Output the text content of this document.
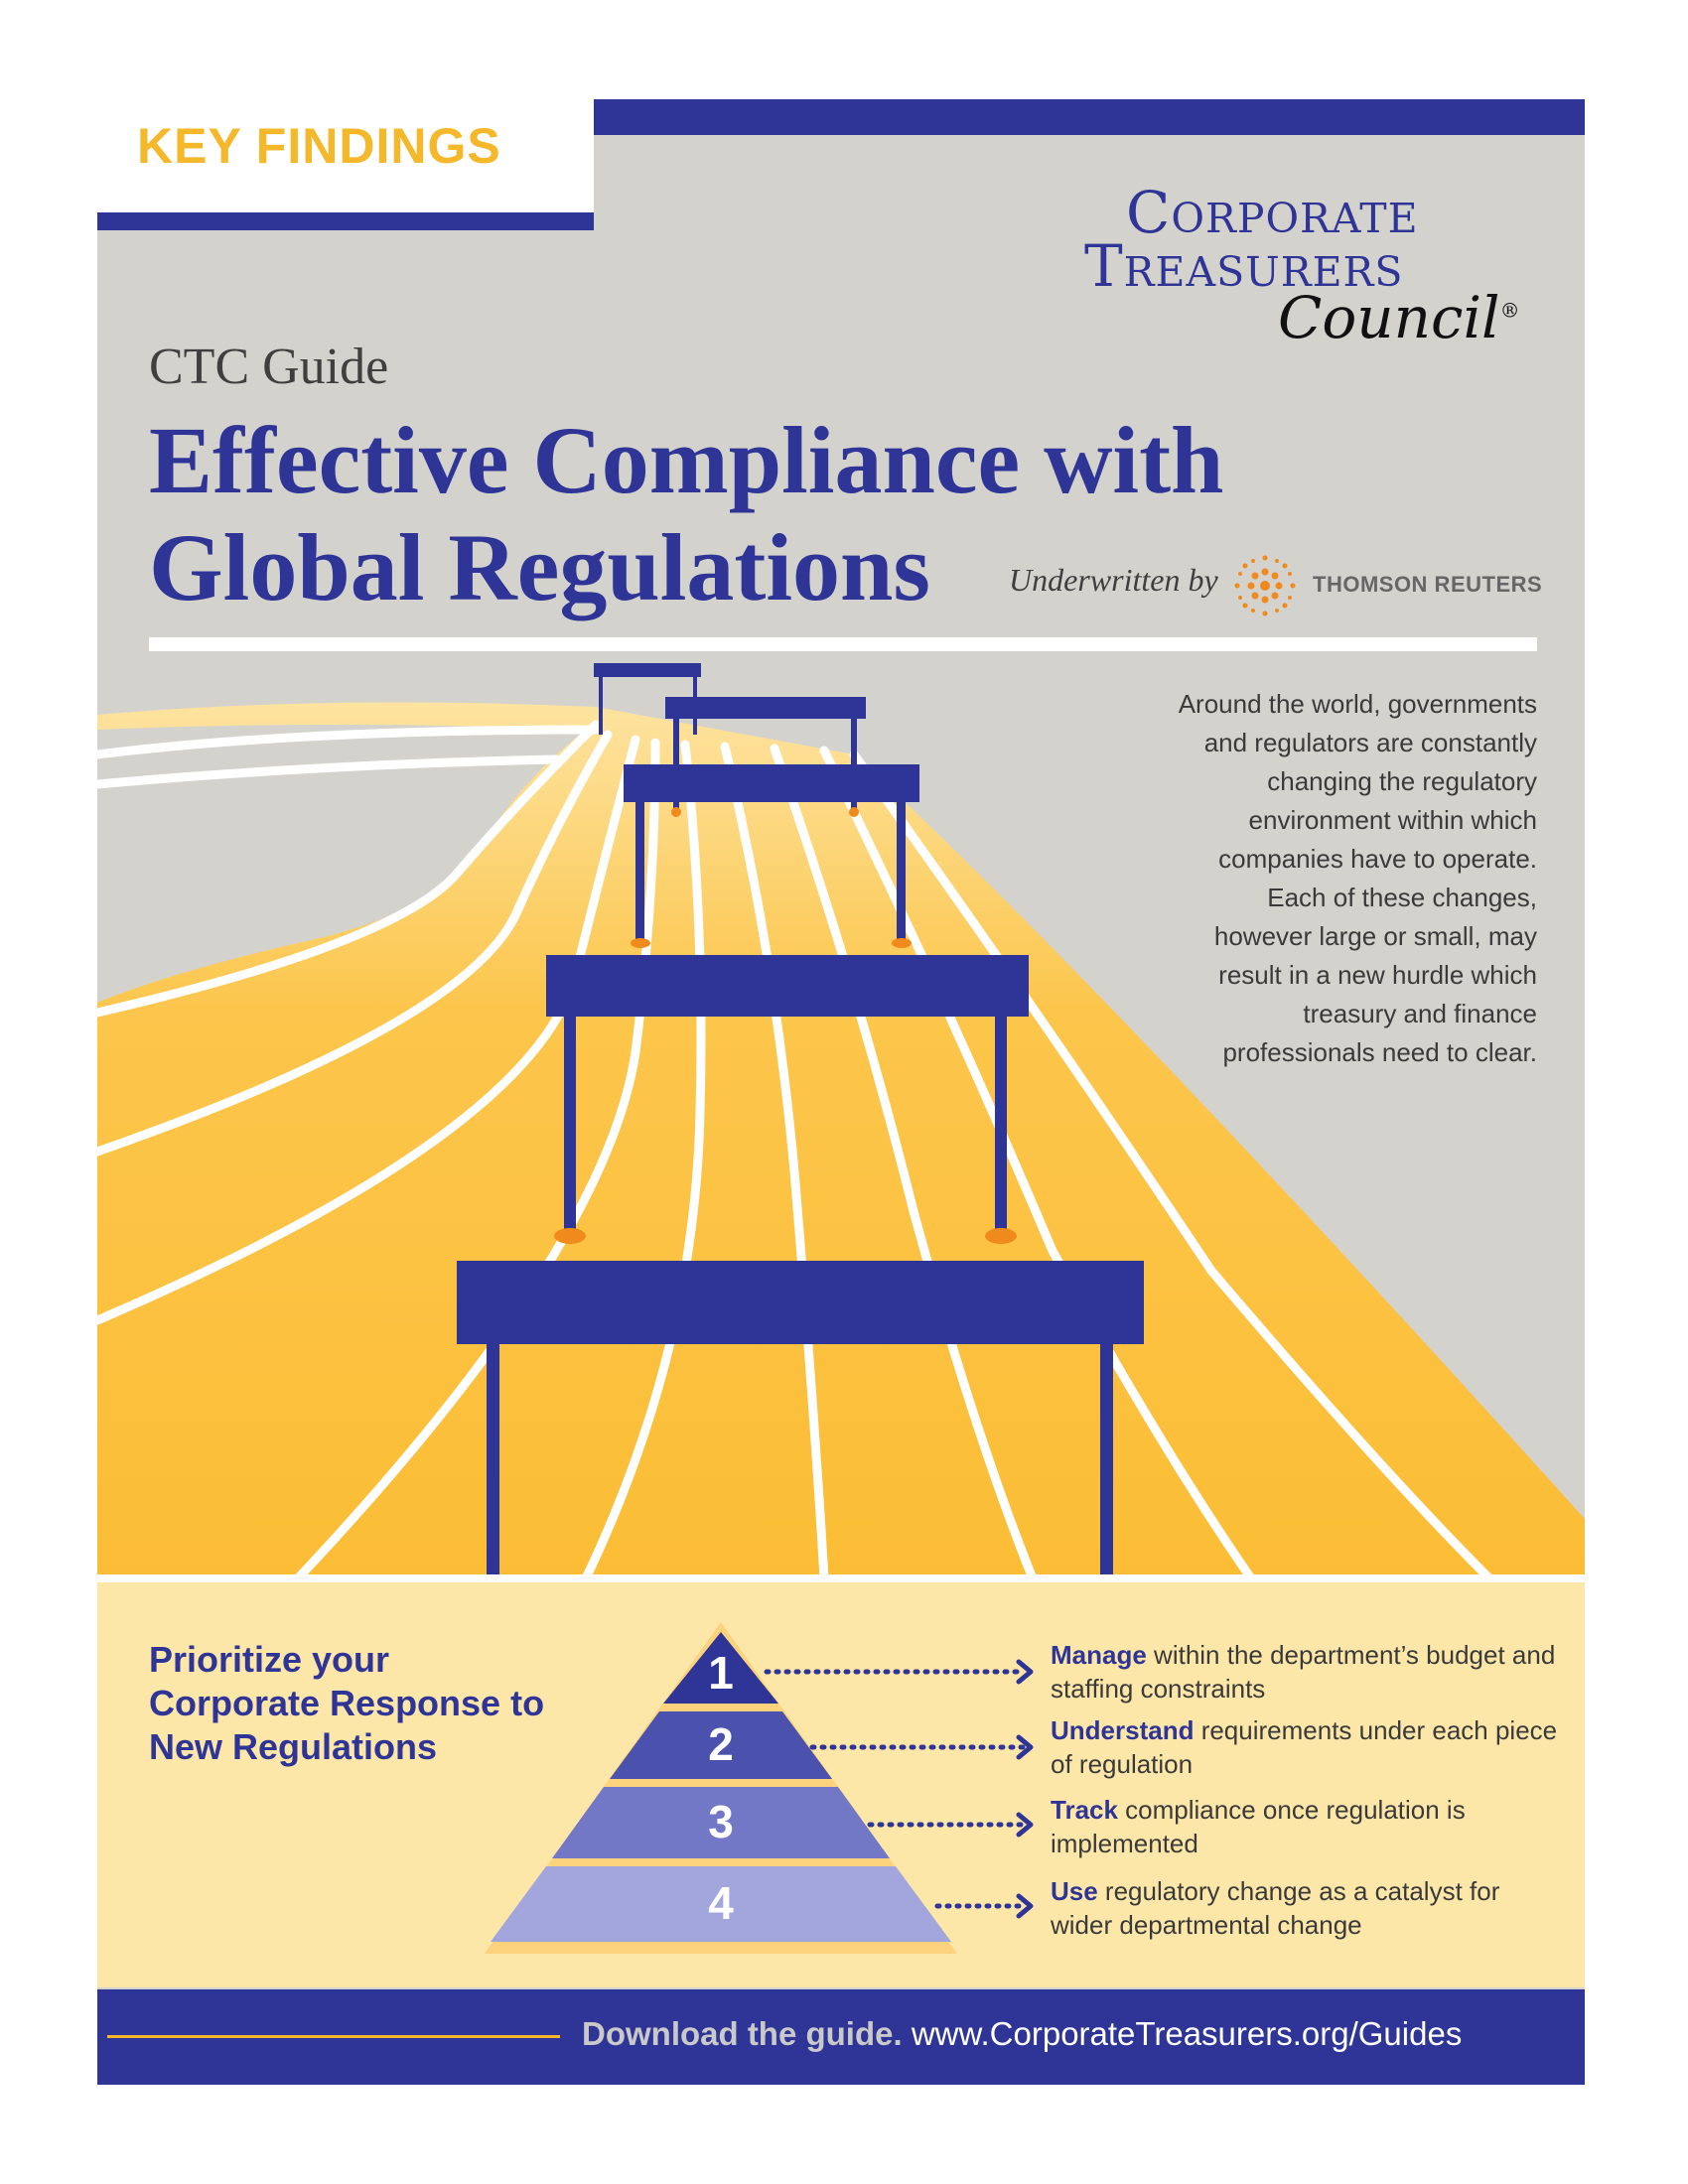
KEY FINDINGS
Corporate
Treasurers
Council®

CTC Guide

Effective Compliance with Global Regulations	Underwritten by	THOMSON REUTERS

Around the world, governments and regulators are constantly changing the regulatory environment within which companies have to operate. Each of these changes, however large or small, may result in a new hurdle which treasury and finance professionals need to clear.

Prioritize your Corporate Response to New Regulations
1
2
3
4
Manage within the department’s budget and staffing constraints
Understand requirements under each piece of regulation
Track compliance once regulation is implemented
Use regulatory change as a catalyst for wider departmental change
Download the guide. www.CorporateTreasurers.org/Guides
